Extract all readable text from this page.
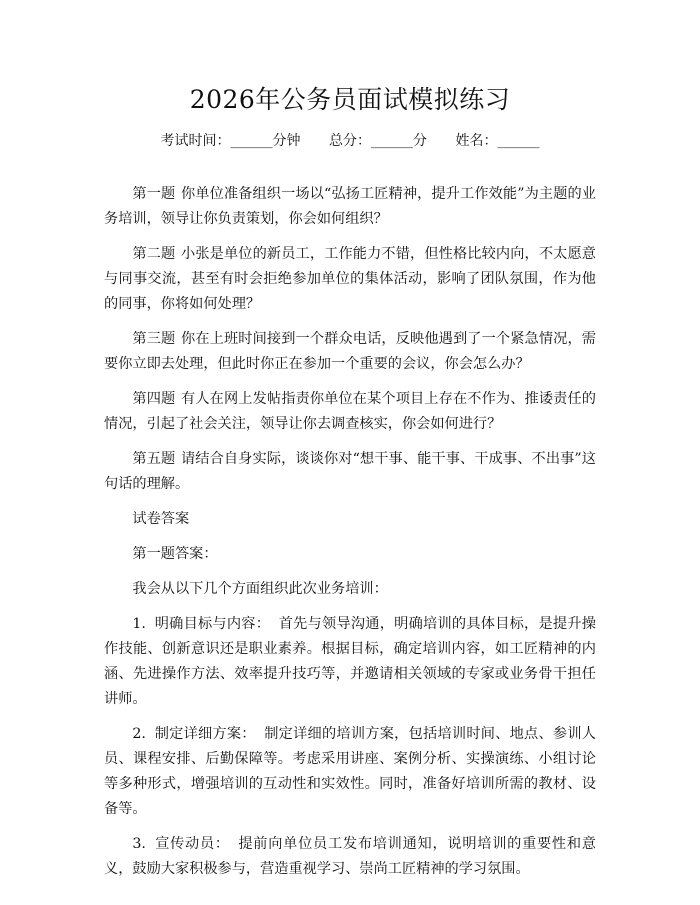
2026年公务员面试模拟练习
考试时间：______分钟 总分：______分 姓名：______

第一题 你单位准备组织一场以“弘扬工匠精神，提升工作效能”为主题的业务培训，领导让你负责策划，你会如何组织？

第二题 小张是单位的新员工，工作能力不错，但性格比较内向，不太愿意与同事交流，甚至有时会拒绝参加单位的集体活动，影响了团队氛围，作为他的同事，你将如何处理？

第三题 你在上班时间接到一个群众电话，反映他遇到了一个紧急情况，需要你立即去处理，但此时你正在参加一个重要的会议，你会怎么办？

第四题 有人在网上发帖指责你单位在某个项目上存在不作为、推诿责任的情况，引起了社会关注，领导让你去调查核实，你会如何进行？

第五题 请结合自身实际，谈谈你对“想干事、能干事、干成事、不出事”这句话的理解。

试卷答案

第一题答案：

我会从以下几个方面组织此次业务培训：

1. 明确目标与内容： 首先与领导沟通，明确培训的具体目标，是提升操作技能、创新意识还是职业素养。根据目标，确定培训内容，如工匠精神的内涵、先进操作方法、效率提升技巧等，并邀请相关领域的专家或业务骨干担任讲师。

2. 制定详细方案： 制定详细的培训方案，包括培训时间、地点、参训人员、课程安排、后勤保障等。考虑采用讲座、案例分析、实操演练、小组讨论等多种形式，增强培训的互动性和实效性。同时，准备好培训所需的教材、设备等。

3. 宣传动员： 提前向单位员工发布培训通知，说明培训的重要性和意义，鼓励大家积极参与，营造重视学习、崇尚工匠精神的学习氛围。
